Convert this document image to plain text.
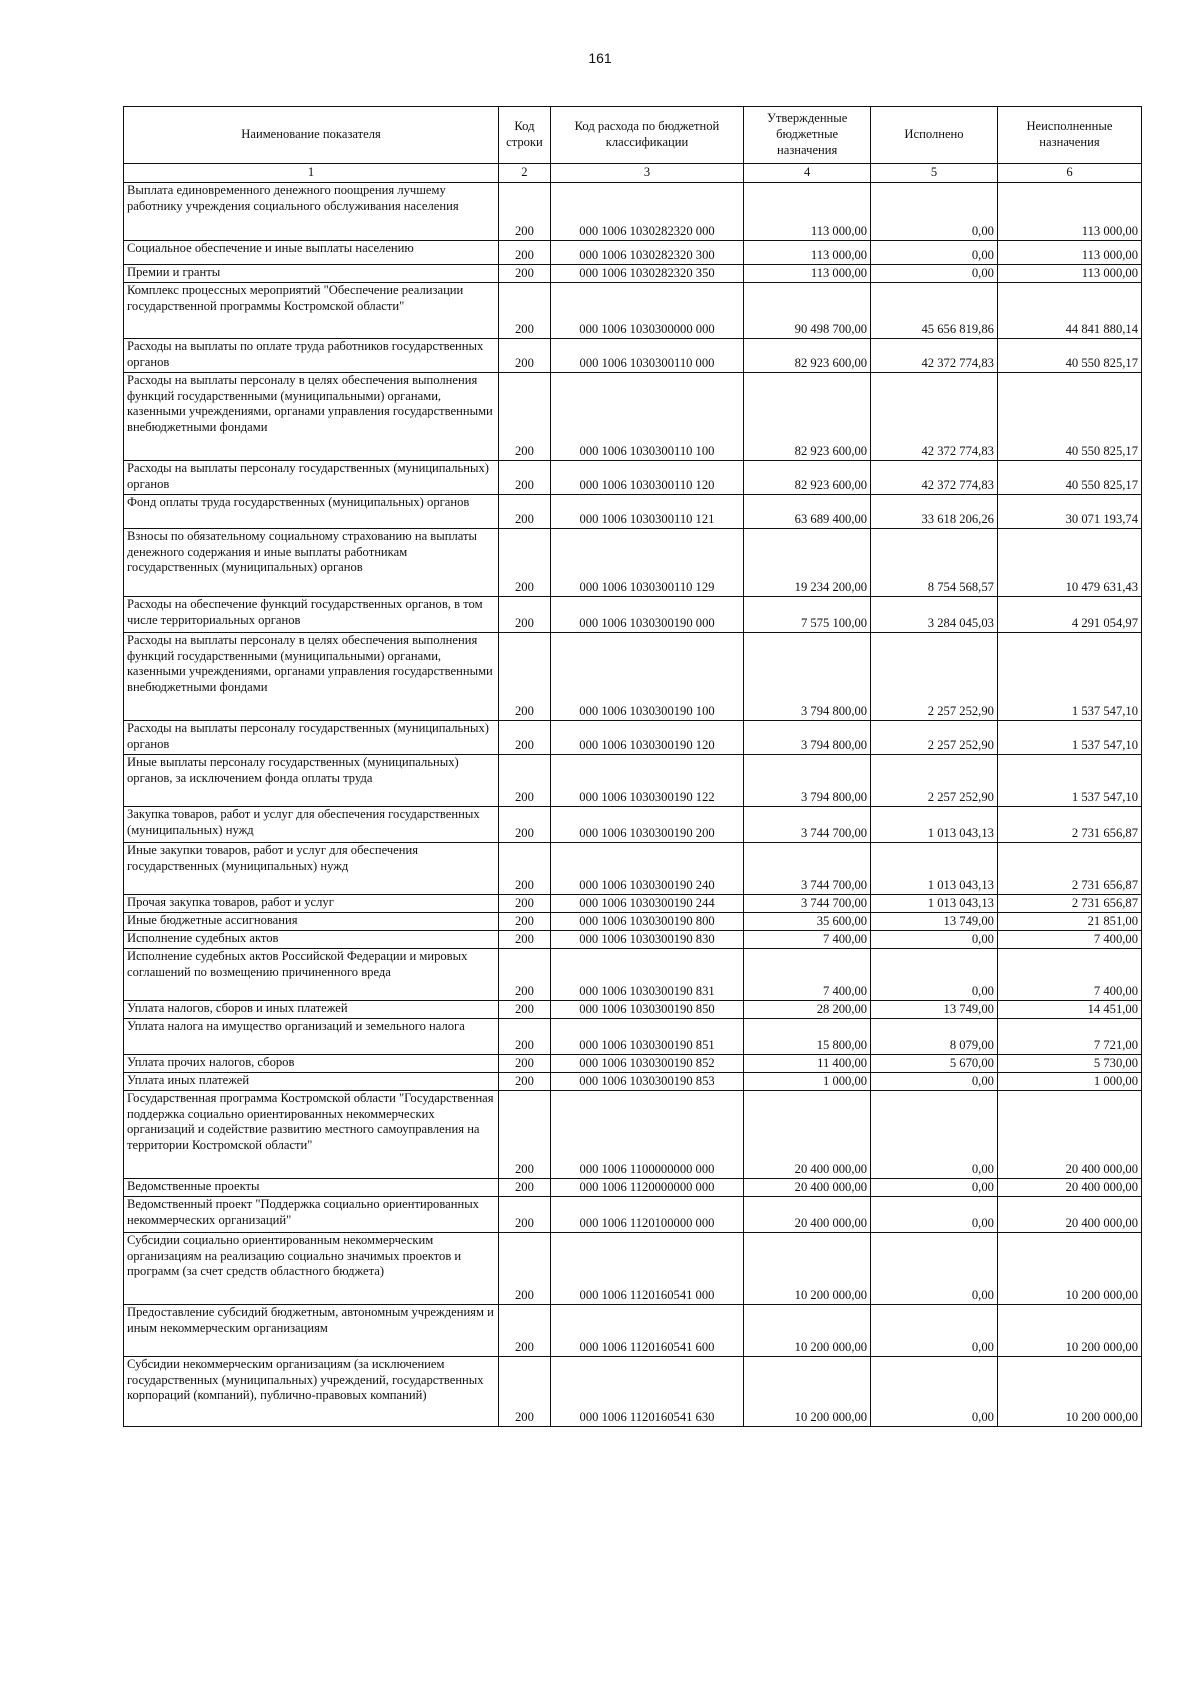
161
Наименование показателя	Код строки	Код расхода по бюджетной классификации	Утвержденные бюджетные назначения	Исполнено	Неисполненные назначения
1	2	3	4	5	6
Выплата единовременного денежного поощрения лучшему работнику учреждения социального обслуживания населения	200	000 1006 1030282320 000	113 000,00	0,00	113 000,00
Социальное обеспечение и иные выплаты населению	200	000 1006 1030282320 300	113 000,00	0,00	113 000,00
Премии и гранты	200	000 1006 1030282320 350	113 000,00	0,00	113 000,00
Комплекс процессных мероприятий "Обеспечение реализации государственной программы Костромской области"	200	000 1006 1030300000 000	90 498 700,00	45 656 819,86	44 841 880,14
Расходы на выплаты по оплате труда работников государственных органов	200	000 1006 1030300110 000	82 923 600,00	42 372 774,83	40 550 825,17
Расходы на выплаты персоналу в целях обеспечения выполнения функций государственными (муниципальными) органами, казенными учреждениями, органами управления государственными внебюджетными фондами	200	000 1006 1030300110 100	82 923 600,00	42 372 774,83	40 550 825,17
Расходы на выплаты персоналу государственных (муниципальных) органов	200	000 1006 1030300110 120	82 923 600,00	42 372 774,83	40 550 825,17
Фонд оплаты труда государственных (муниципальных) органов	200	000 1006 1030300110 121	63 689 400,00	33 618 206,26	30 071 193,74
Взносы по обязательному социальному страхованию на выплаты денежного содержания и иные выплаты работникам государственных (муниципальных) органов	200	000 1006 1030300110 129	19 234 200,00	8 754 568,57	10 479 631,43
Расходы на обеспечение функций государственных органов, в том числе территориальных органов	200	000 1006 1030300190 000	7 575 100,00	3 284 045,03	4 291 054,97
Расходы на выплаты персоналу в целях обеспечения выполнения функций государственными (муниципальными) органами, казенными учреждениями, органами управления государственными внебюджетными фондами	200	000 1006 1030300190 100	3 794 800,00	2 257 252,90	1 537 547,10
Расходы на выплаты персоналу государственных (муниципальных) органов	200	000 1006 1030300190 120	3 794 800,00	2 257 252,90	1 537 547,10
Иные выплаты персоналу государственных (муниципальных) органов, за исключением фонда оплаты труда	200	000 1006 1030300190 122	3 794 800,00	2 257 252,90	1 537 547,10
Закупка товаров, работ и услуг для обеспечения государственных (муниципальных) нужд	200	000 1006 1030300190 200	3 744 700,00	1 013 043,13	2 731 656,87
Иные закупки товаров, работ и услуг для обеспечения государственных (муниципальных) нужд	200	000 1006 1030300190 240	3 744 700,00	1 013 043,13	2 731 656,87
Прочая закупка товаров, работ и услуг	200	000 1006 1030300190 244	3 744 700,00	1 013 043,13	2 731 656,87
Иные бюджетные ассигнования	200	000 1006 1030300190 800	35 600,00	13 749,00	21 851,00
Исполнение судебных актов	200	000 1006 1030300190 830	7 400,00	0,00	7 400,00
Исполнение судебных актов Российской Федерации и мировых соглашений по возмещению причиненного вреда	200	000 1006 1030300190 831	7 400,00	0,00	7 400,00
Уплата налогов, сборов и иных платежей	200	000 1006 1030300190 850	28 200,00	13 749,00	14 451,00
Уплата налога на имущество организаций и земельного налога	200	000 1006 1030300190 851	15 800,00	8 079,00	7 721,00
Уплата прочих налогов, сборов	200	000 1006 1030300190 852	11 400,00	5 670,00	5 730,00
Уплата иных платежей	200	000 1006 1030300190 853	1 000,00	0,00	1 000,00
Государственная программа Костромской области "Государственная поддержка социально ориентированных некоммерческих организаций и содействие развитию местного самоуправления на территории Костромской области"	200	000 1006 1100000000 000	20 400 000,00	0,00	20 400 000,00
Ведомственные проекты	200	000 1006 1120000000 000	20 400 000,00	0,00	20 400 000,00
Ведомственный проект "Поддержка социально ориентированных некоммерческих организаций"	200	000 1006 1120100000 000	20 400 000,00	0,00	20 400 000,00
Субсидии социально ориентированным некоммерческим организациям на реализацию социально значимых проектов и программ (за счет средств областного бюджета)	200	000 1006 1120160541 000	10 200 000,00	0,00	10 200 000,00
Предоставление субсидий бюджетным, автономным учреждениям и иным некоммерческим организациям	200	000 1006 1120160541 600	10 200 000,00	0,00	10 200 000,00
Субсидии некоммерческим организациям (за исключением государственных (муниципальных) учреждений, государственных корпораций (компаний), публично-правовых компаний)	200	000 1006 1120160541 630	10 200 000,00	0,00	10 200 000,00
